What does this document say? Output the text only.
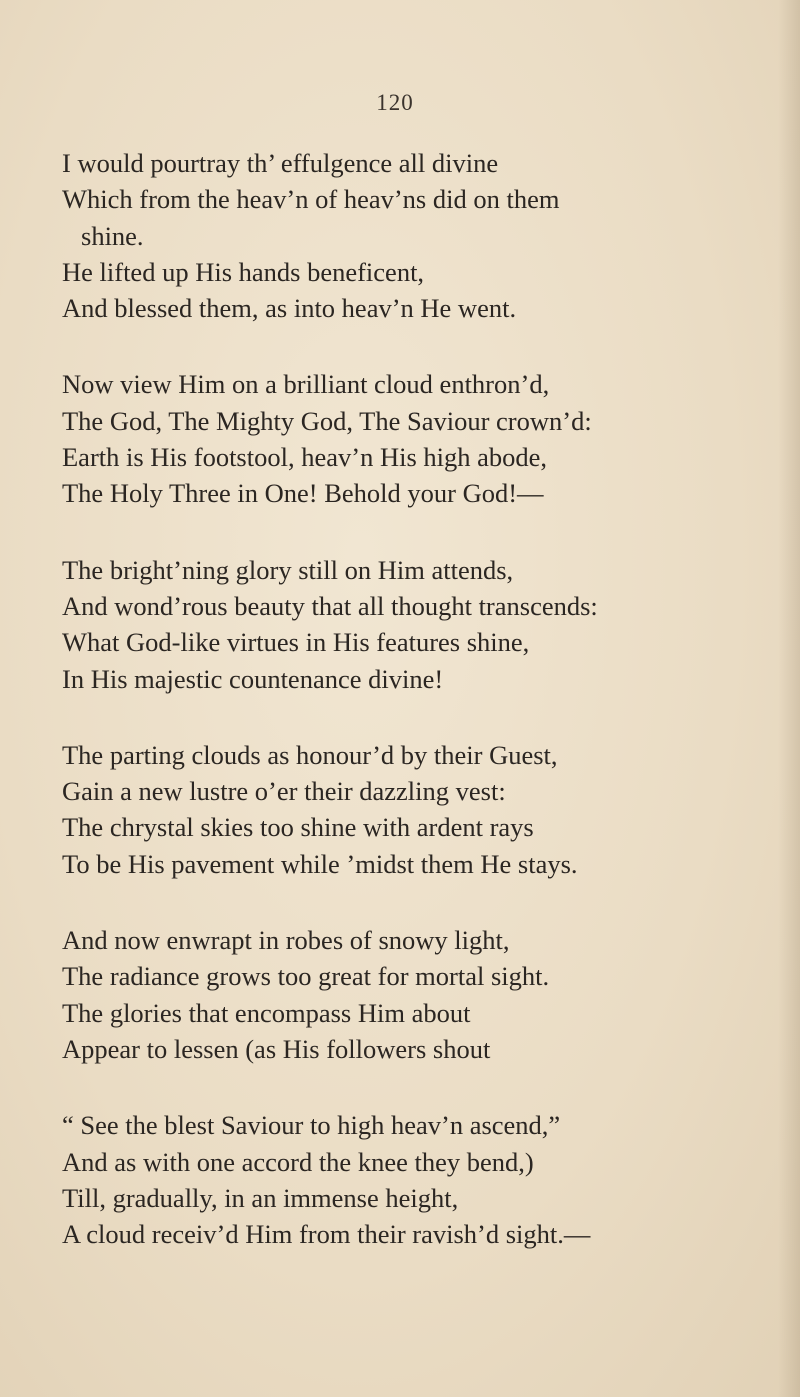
120
I would pourtray th’ effulgence all divine
Which from the heav’n of heav’ns did on them
shine.
He lifted up His hands beneficent,
And blessed them, as into heav’n He went.
Now view Him on a brilliant cloud enthron’d,
The God, The Mighty God, The Saviour crown’d:
Earth is His footstool, heav’n His high abode,
The Holy Three in One! Behold your God!—
The bright’ning glory still on Him attends,
And wond’rous beauty that all thought transcends:
What God-like virtues in His features shine,
In His majestic countenance divine!
The parting clouds as honour’d by their Guest,
Gain a new lustre o’er their dazzling vest:
The chrystal skies too shine with ardent rays
To be His pavement while ’midst them He stays.
And now enwrapt in robes of snowy light,
The radiance grows too great for mortal sight.
The glories that encompass Him about
Appear to lessen (as His followers shout
“ See the blest Saviour to high heav’n ascend,”
And as with one accord the knee they bend,)
Till, gradually, in an immense height,
A cloud receiv’d Him from their ravish’d sight.—
